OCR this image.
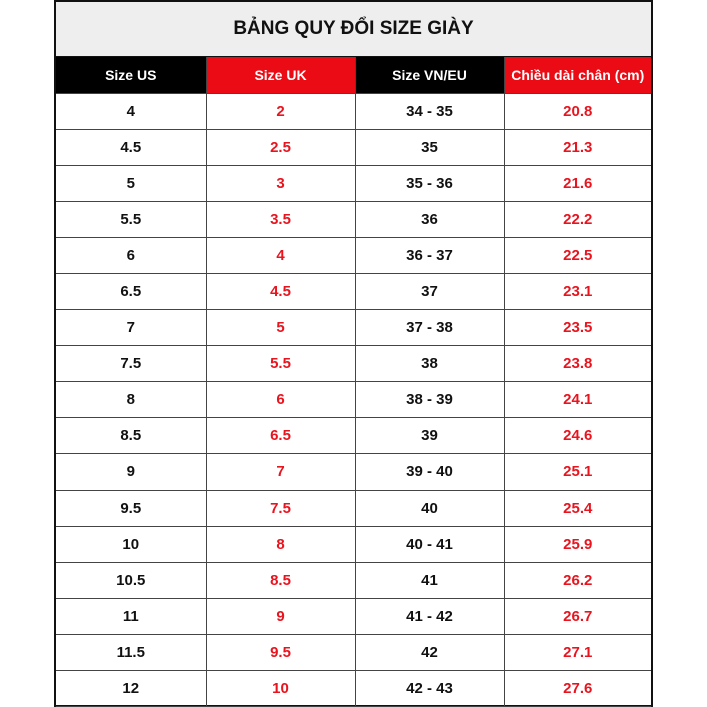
BẢNG QUY ĐỔI SIZE GIÀY
Size US	Size UK	Size VN/EU	Chiều dài chân (cm)
4	2	34 - 35	20.8
4.5	2.5	35	21.3
5	3	35 - 36	21.6
5.5	3.5	36	22.2
6	4	36 - 37	22.5
6.5	4.5	37	23.1
7	5	37 - 38	23.5
7.5	5.5	38	23.8
8	6	38 - 39	24.1
8.5	6.5	39	24.6
9	7	39 - 40	25.1
9.5	7.5	40	25.4
10	8	40 - 41	25.9
10.5	8.5	41	26.2
11	9	41 - 42	26.7
11.5	9.5	42	27.1
12	10	42 - 43	27.6
